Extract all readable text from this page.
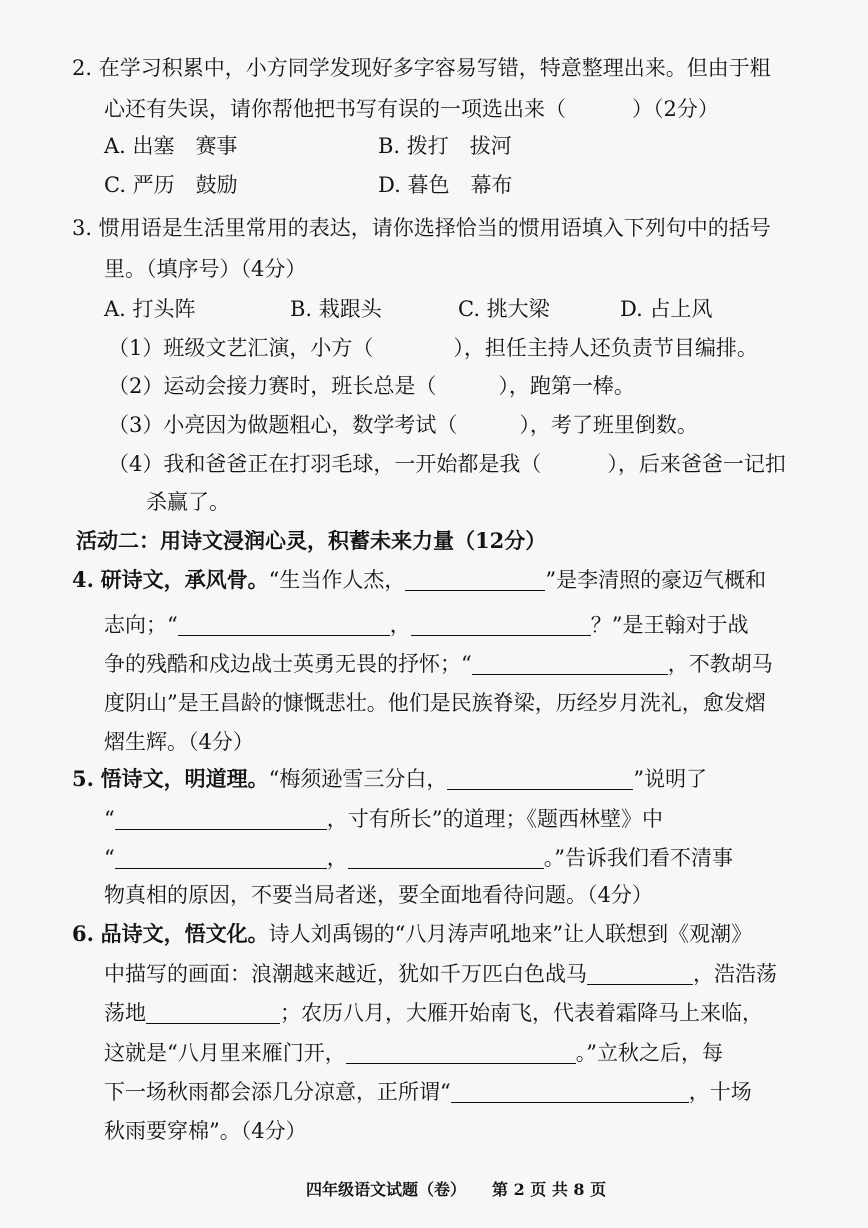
2. 在学习积累中，小方同学发现好多字容易写错，特意整理出来。但由于粗
心还有失误，请你帮他把书写有误的一项选出来（	）（2分）
A. 出塞　赛事	B. 拨打　拔河
C. 严历　鼓励	D. 暮色　幕布
3. 惯用语是生活里常用的表达，请你选择恰当的惯用语填入下列句中的括号
里。（填序号）（4分）
A. 打头阵	B. 栽跟头	C. 挑大梁	D. 占上风
（1）班级文艺汇演，小方（	），担任主持人还负责节目编排。
（2）运动会接力赛时，班长总是（	），跑第一棒。
（3）小亮因为做题粗心，数学考试（	），考了班里倒数。
（4）我和爸爸正在打羽毛球，一开始都是我（	），后来爸爸一记扣
杀赢了。
活动二：用诗文浸润心灵，积蓄未来力量（12分）
4. 研诗文，承风骨。“生当作人杰，	”是李清照的豪迈气概和
志向；“	，	？”是王翰对于战
争的残酷和戍边战士英勇无畏的抒怀；“	，不教胡马
度阴山”是王昌龄的慷慨悲壮。他们是民族脊梁，历经岁月洗礼，愈发熠
熠生辉。（4分）
5. 悟诗文，明道理。“梅须逊雪三分白，	”说明了
“	，寸有所长”的道理；《题西林壁》中
“	，	。”告诉我们看不清事
物真相的原因，不要当局者迷，要全面地看待问题。（4分）
6. 品诗文，悟文化。诗人刘禹锡的“八月涛声吼地来”让人联想到《观潮》
中描写的画面：浪潮越来越近，犹如千万匹白色战马	，浩浩荡
荡地	；农历八月，大雁开始南飞，代表着霜降马上来临，
这就是“八月里来雁门开，	。”立秋之后，每
下一场秋雨都会添几分凉意，正所谓“	，十场
秋雨要穿棉”。（4分）
四年级语文试题（卷） 第 2 页 共 8 页
